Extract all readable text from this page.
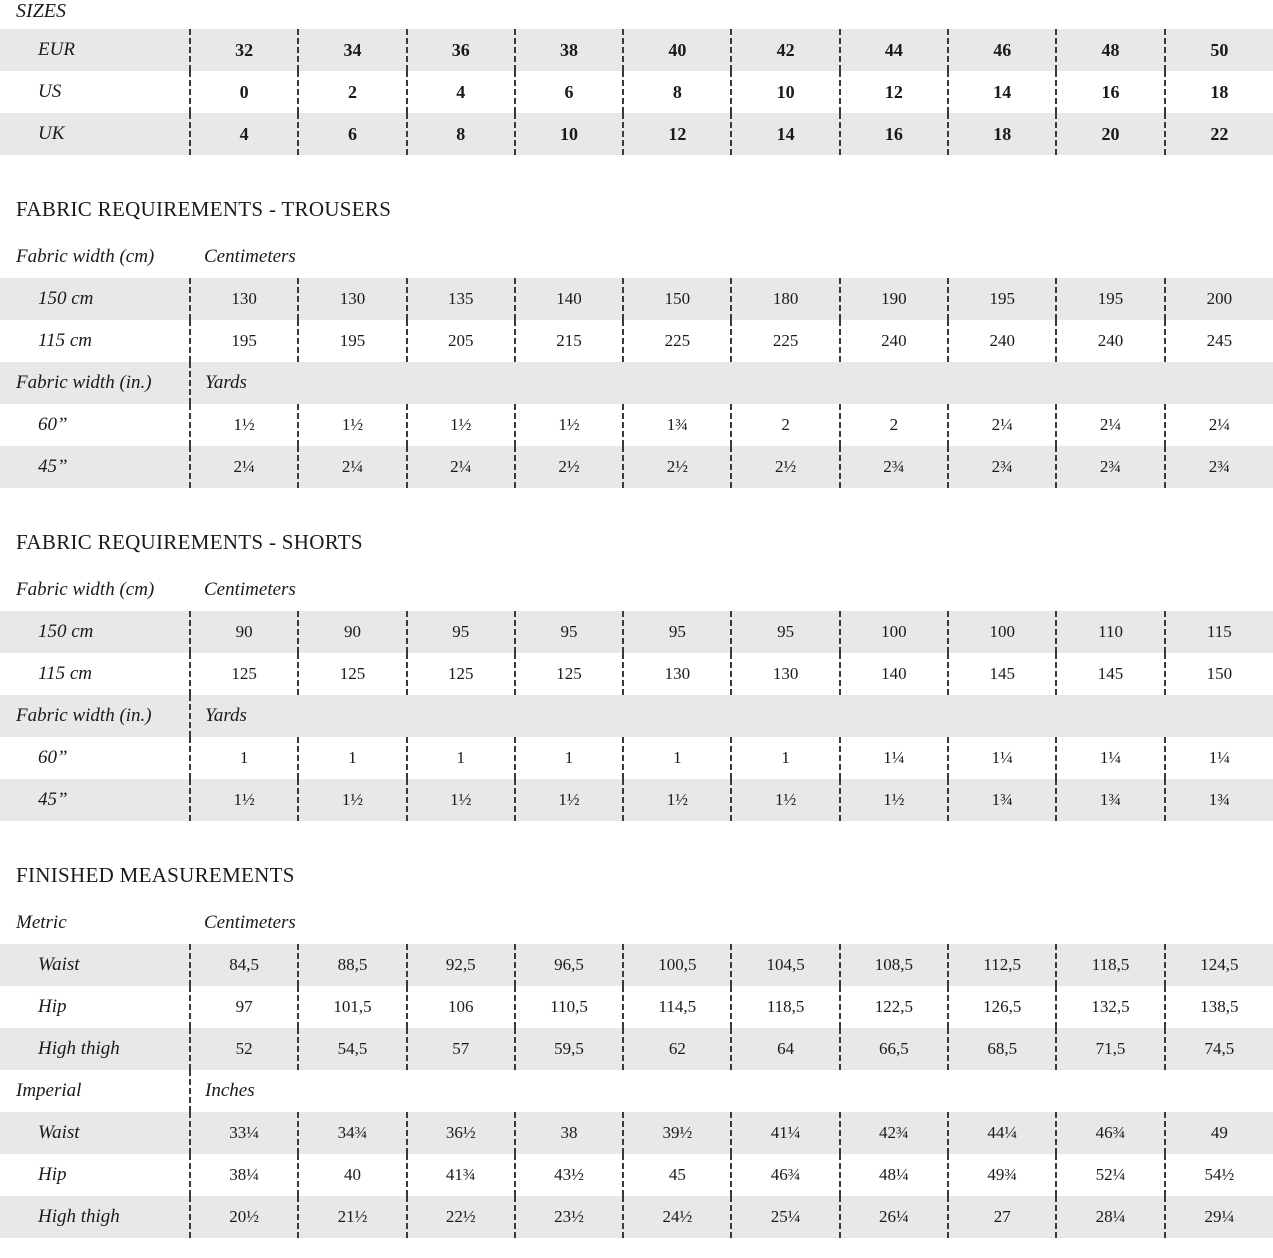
SIZES
EUR	32	34	36	38	40	42	44	46	48	50
US	0	2	4	6	8	10	12	14	16	18
UK	4	6	8	10	12	14	16	18	20	22
FABRIC REQUIREMENTS - TROUSERS
Fabric width (cm)	Centimeters									
150 cm	130	130	135	140	150	180	190	195	195	200
115 cm	195	195	205	215	225	225	240	240	240	245
Fabric width (in.)	Yards									
60”	1½	1½	1½	1½	1¾	2	2	2¼	2¼	2¼
45”	2¼	2¼	2¼	2½	2½	2½	2¾	2¾	2¾	2¾
FABRIC REQUIREMENTS - SHORTS
Fabric width (cm)	Centimeters									
150 cm	90	90	95	95	95	95	100	100	110	115
115 cm	125	125	125	125	130	130	140	145	145	150
Fabric width (in.)	Yards									
60”	1	1	1	1	1	1	1¼	1¼	1¼	1¼
45”	1½	1½	1½	1½	1½	1½	1½	1¾	1¾	1¾
FINISHED MEASUREMENTS
Metric	Centimeters									
Waist	84,5	88,5	92,5	96,5	100,5	104,5	108,5	112,5	118,5	124,5
Hip	97	101,5	106	110,5	114,5	118,5	122,5	126,5	132,5	138,5
High thigh	52	54,5	57	59,5	62	64	66,5	68,5	71,5	74,5
Imperial	Inches									
Waist	33¼	34¾	36½	38	39½	41¼	42¾	44¼	46¾	49
Hip	38¼	40	41¾	43½	45	46¾	48¼	49¾	52¼	54½
High thigh	20½	21½	22½	23½	24½	25¼	26¼	27	28¼	29¼
